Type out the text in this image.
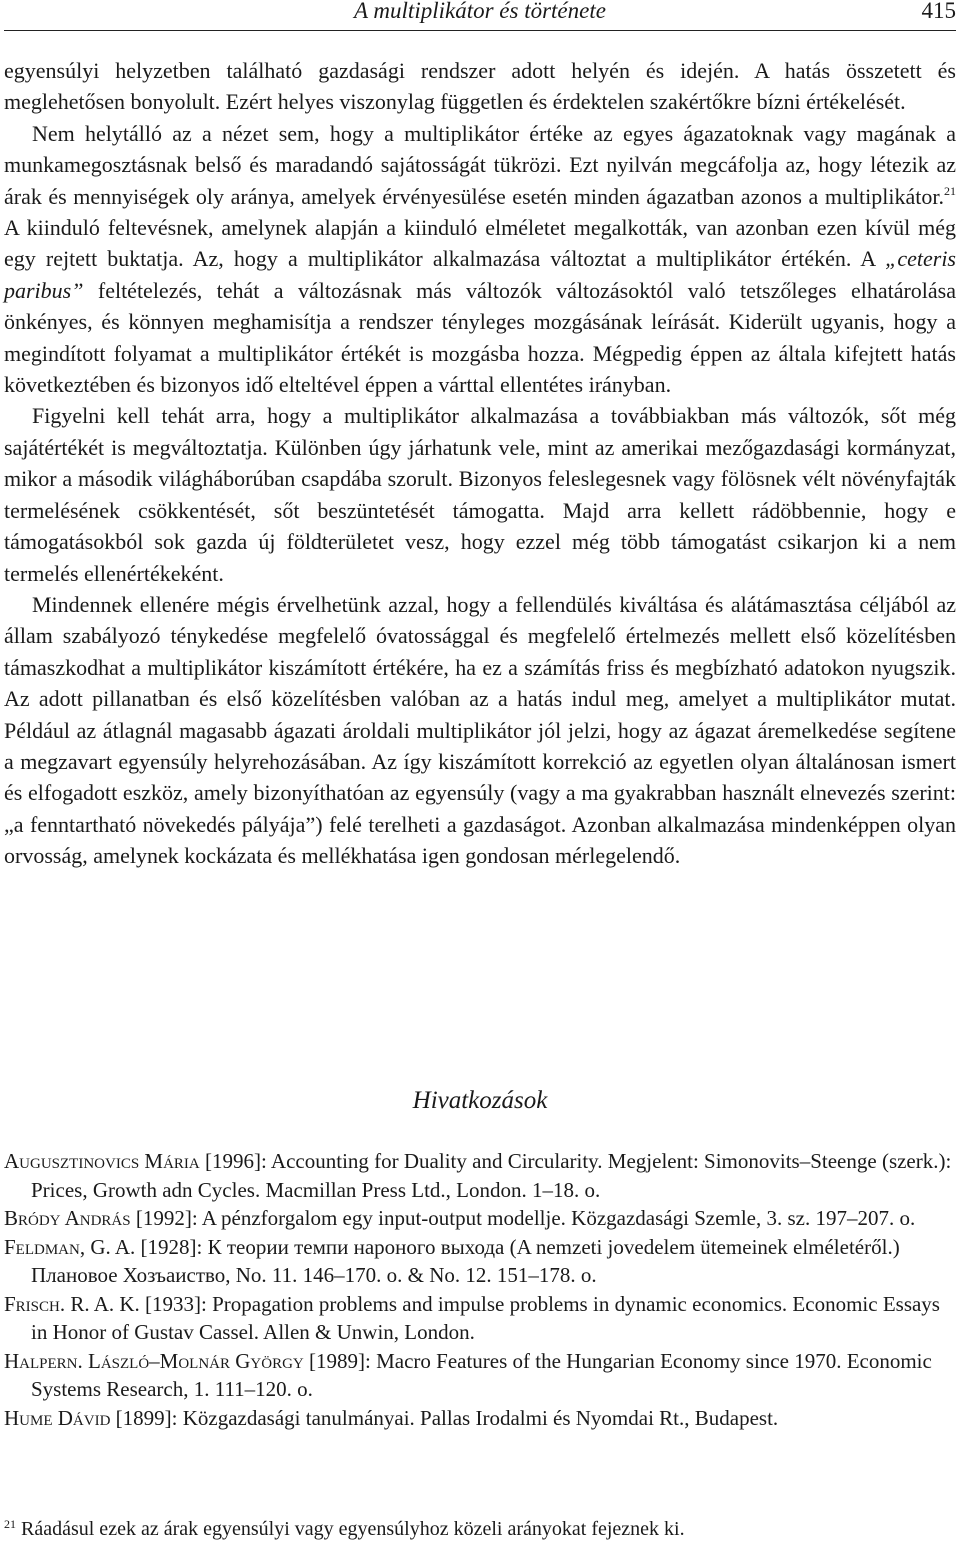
A multiplikátor és története	415

egyensúlyi helyzetben található gazdasági rendszer adott helyén és idején. A hatás összetett és meglehetősen bonyolult. Ezért helyes viszonylag független és érdektelen szakértőkre bízni értékelését.

Nem helytálló az a nézet sem, hogy a multiplikátor értéke az egyes ágazatoknak vagy magának a munkamegosztásnak belső és maradandó sajátosságát tükrözi. Ezt nyilván megcáfolja az, hogy létezik az árak és mennyiségek oly aránya, amelyek érvényesülése esetén minden ágazatban azonos a multiplikátor.$^{21}$ A kiinduló feltevésnek, amelynek alapján a kiinduló elméletet megalkották, van azonban ezen kívül még egy rejtett buktatja. Az, hogy a multiplikátor alkalmazása változtat a multiplikátor értékén. A „ceteris paribus” feltételezés, tehát a változásnak más változók változásoktól való tetszőleges elhatárolása önkényes, és könnyen meghamisítja a rendszer tényleges mozgásának leírását. Kiderült ugyanis, hogy a megindított folyamat a multiplikátor értékét is mozgásba hozza. Mégpedig éppen az általa kifejtett hatás következtében és bizonyos idő elteltével éppen a várttal ellentétes irányban.

Figyelni kell tehát arra, hogy a multiplikátor alkalmazása a továbbiakban más változók, sőt még sajátértékét is megváltoztatja. Különben úgy járhatunk vele, mint az amerikai mezőgazdasági kormányzat, mikor a második világháborúban csapdába szorult. Bizonyos feleslegesnek vagy fölösnek vélt növényfajták termelésének csökkentését, sőt beszüntetését támogatta. Majd arra kellett rádöbbennie, hogy e támogatásokból sok gazda új földterületet vesz, hogy ezzel még több támogatást csikarjon ki a nem termelés ellenértékeként.

Mindennek ellenére mégis érvelhetünk azzal, hogy a fellendülés kiváltása és alátámasztása céljából az állam szabályozó ténykedése megfelelő óvatossággal és megfelelő értelmezés mellett első közelítésben támaszkodhat a multiplikátor kiszámított értékére, ha ez a számítás friss és megbízható adatokon nyugszik. Az adott pillanatban és első közelítésben valóban az a hatás indul meg, amelyet a multiplikátor mutat. Például az átlagnál magasabb ágazati ároldali multiplikátor jól jelzi, hogy az ágazat áremelkedése segítene a megzavart egyensúly helyrehozásában. Az így kiszámított korrekció az egyetlen olyan általánosan ismert és elfogadott eszköz, amely bizonyíthatóan az egyensúly (vagy a ma gyakrabban használt elnevezés szerint: „a fenntartható növekedés pályája”) felé terelheti a gazdaságot. Azonban alkalmazása mindenképpen olyan orvosság, amelynek kockázata és mellékhatása igen gondosan mérlegelendő.

Hivatkozások

Augusztinovics Mária [1996]: Accounting for Duality and Circularity. Megjelent: Simonovits–Steenge (szerk.): Prices, Growth adn Cycles. Macmillan Press Ltd., London. 1–18. o.

Bródy András [1992]: A pénzforgalom egy input-output modellje. Közgazdasági Szemle, 3. sz. 197–207. o.

Feldman, G. A. [1928]: К теории темпи нароного выхода (A nemzeti jovedelem ütemeinek elméletéről.) Плановое Хозъаиство, No. 11. 146–170. o. & No. 12. 151–178. o.

Frisch. R. A. K. [1933]: Propagation problems and impulse problems in dynamic economics. Economic Essays in Honor of Gustav Cassel. Allen & Unwin, London.

Halpern. László–Molnár György [1989]: Macro Features of the Hungarian Economy since 1970. Economic Systems Research, 1. 111–120. o.

Hume Dávid [1899]: Közgazdasági tanulmányai. Pallas Irodalmi és Nyomdai Rt., Budapest.

$^{21}$ Ráadásul ezek az árak egyensúlyi vagy egyensúlyhoz közeli arányokat fejeznek ki.
